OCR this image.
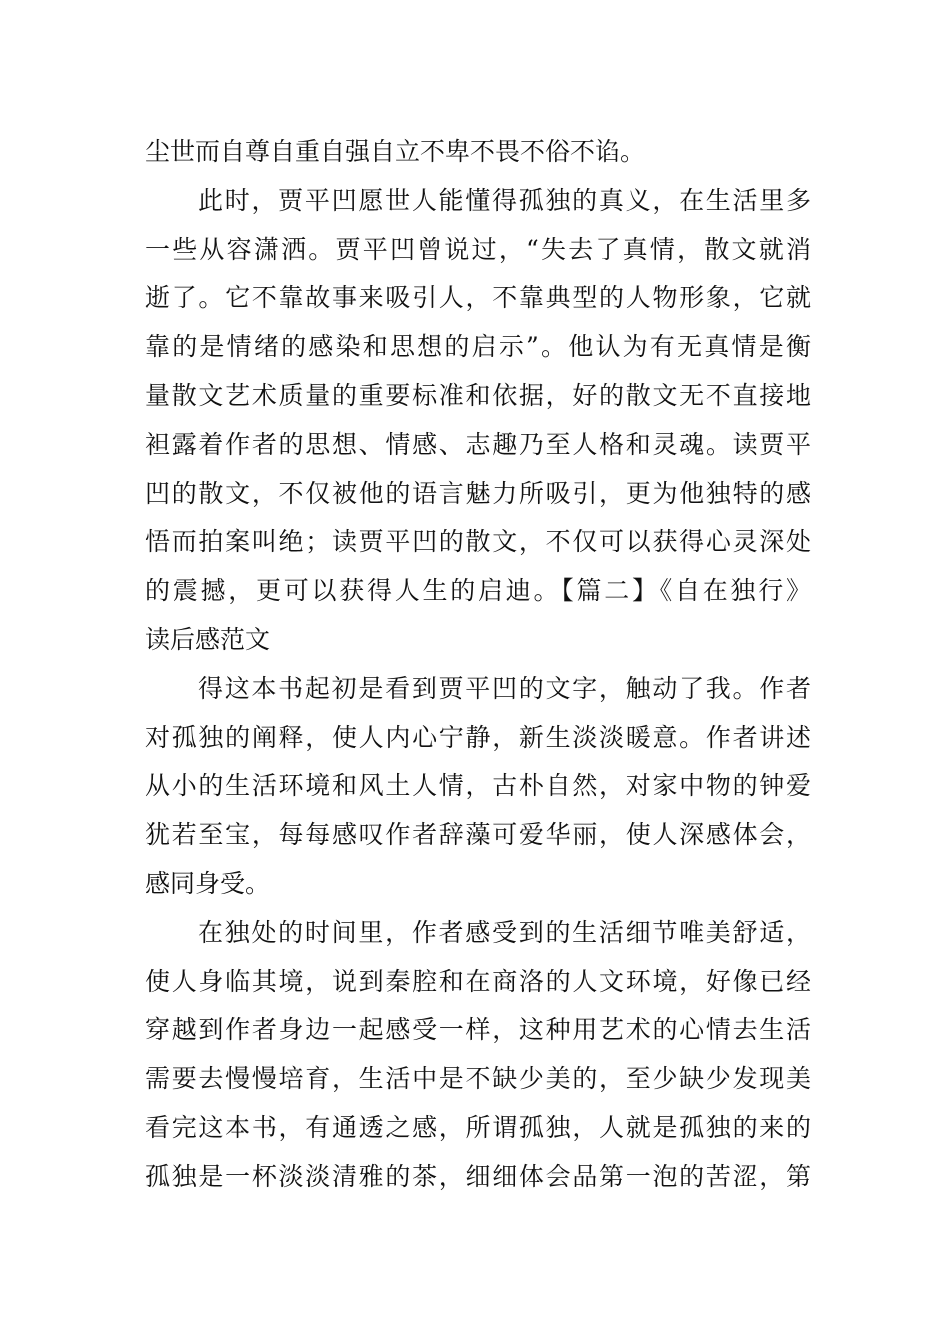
尘世而自尊自重自强自立不卑不畏不俗不谄。
此时，贾平凹愿世人能懂得孤独的真义，在生活里多
一些从容潇洒。贾平凹曾说过，“失去了真情，散文就消
逝了。它不靠故事来吸引人，不靠典型的人物形象，它就
靠的是情绪的感染和思想的启示”。他认为有无真情是衡
量散文艺术质量的重要标准和依据，好的散文无不直接地
袒露着作者的思想、情感、志趣乃至人格和灵魂。读贾平
凹的散文，不仅被他的语言魅力所吸引，更为他独特的感
悟而拍案叫绝；读贾平凹的散文，不仅可以获得心灵深处
的震撼，更可以获得人生的启迪。【篇二】《自在独行》
读后感范文
得这本书起初是看到贾平凹的文字，触动了我。作者
对孤独的阐释，使人内心宁静，新生淡淡暖意。作者讲述
从小的生活环境和风土人情，古朴自然，对家中物的钟爱
犹若至宝，每每感叹作者辞藻可爱华丽，使人深感体会，
感同身受。
在独处的时间里，作者感受到的生活细节唯美舒适，
使人身临其境，说到秦腔和在商洛的人文环境，好像已经
穿越到作者身边一起感受一样，这种用艺术的心情去生活
需要去慢慢培育，生活中是不缺少美的，至少缺少发现美
看完这本书，有通透之感，所谓孤独，人就是孤独的来的
孤独是一杯淡淡清雅的茶，细细体会品第一泡的苦涩，第
